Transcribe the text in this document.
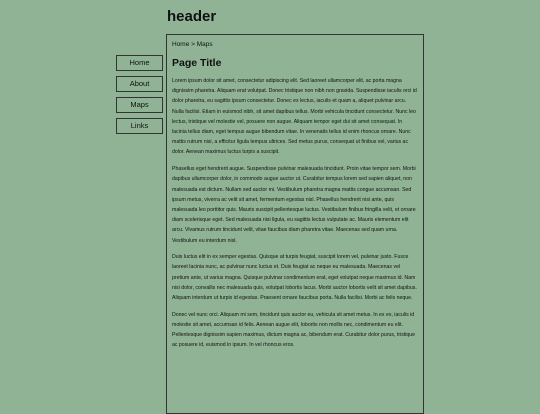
header
Home
About
Maps
Links
Home > Maps
Page Title

Lorem ipsum dolor sit amet, consectetur adipiscing elit. Sed laoreet ullamcorper elit, ac porta magna dignissim pharetra. Aliquam erat volutpat. Donec tristique non nibh non gravida. Suspendisse iaculis orci id dolor pharetra, eu sagittis ipsum consectetur. Donec ex lectus, iaculis et quam a, aliquet pulvinar arcu. Nulla facilisi. Etiam in euismod nibh, sit amet dapibus tellus. Morbi vehicula tincidunt consectetur. Nunc leo lectus, tristique vel molestie vel, posuere non augue. Aliquam tempor eget dui sit amet consequat. In lacinia tellus diam, eget tempus augue bibendum vitae. In venenatis tellus id enim rhoncus ornare. Nunc mattis rutrum nisi, a efficitur ligula tempus ultrices. Sed metus purus, consequat ut finibus vel, varius ac dolor. Aenean maximus luctus turpis a suscipit.

Phasellus eget hendrerit augue. Suspendisse pulvinar malesuada tincidunt. Proin vitae tempor sem. Morbi dapibus ullamcorper dolor, in commodo augue auctor ut. Curabitur tempus lorem sed sapien aliquet, non malesuada est dictum. Nullam sed auctor mi. Vestibulum pharetra magna mattis congue accumsan. Sed ipsum metus, viverra ac velit sit amet, fermentum egestas nisl. Phasellus hendrerit nisi ante, quis malesuada leo porttitor quis. Mauris suscipit pellentesque luctus. Vestibulum finibus fringilla velit, et ornare diam scelerisque eget. Sed malesuada nisi ligula, eu sagittis lectus vulputate ac. Mauris elementum elit arcu. Vivamus rutrum tincidunt velit, vitae faucibus diam pharetra vitae. Maecenas sed quam urna. Vestibulum eu interdum nisl.

Duis luctus elit in ex semper egestas. Quisque at turpis feugiat, suscipit lorem vel, pulvinar justo. Fusce laoreet lacinia nunc, ac pulvinar nunc luctus et. Duis feugiat ac neque eu malesuada. Maecenas vel pretium ante, ut varius magna. Quisque pulvinar condimentum erat, eget volutpat neque maximus id. Nam nisi dolor, convallis nec malesuada quis, volutpat lobortis lacus. Morbi auctor lobortis velit sit amet dapibus. Aliquam interdum ut turpis id egestas. Praesent ornare faucibus porta. Nulla facilisi. Morbi ac felis neque.

Donec vel nunc orci. Aliquam mi sem, tincidunt quis auctor eu, vehicula sit amet metus. In ex ex, iaculis id molestie sit amet, accumsan id felis. Aenean augue elit, lobortis non mollis nec, condimentum eu elit. Pellentesque dignissim sapien maximus, dictum magna ac, bibendum erat. Curabitur dolor purus, tristique ac posuere id, euismod in ipsum. In vel rhoncus eros.
